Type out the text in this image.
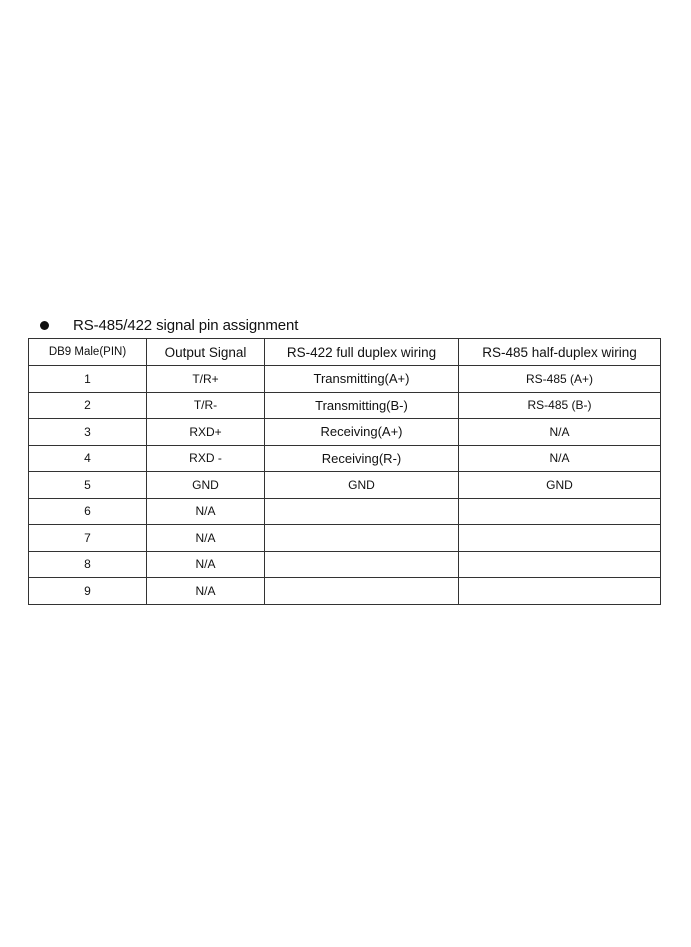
RS-485/422 signal pin assignment
DB9 Male(PIN)	Output Signal	RS-422 full duplex wiring	RS-485 half-duplex wiring
1	T/R+	Transmitting(A+)	RS-485 (A+)
2	T/R-	Transmitting(B-)	RS-485 (B-)
3	RXD+	Receiving(A+)	N/A
4	RXD -	Receiving(R-)	N/A
5	GND	GND	GND
6	N/A		
7	N/A		
8	N/A		
9	N/A		
